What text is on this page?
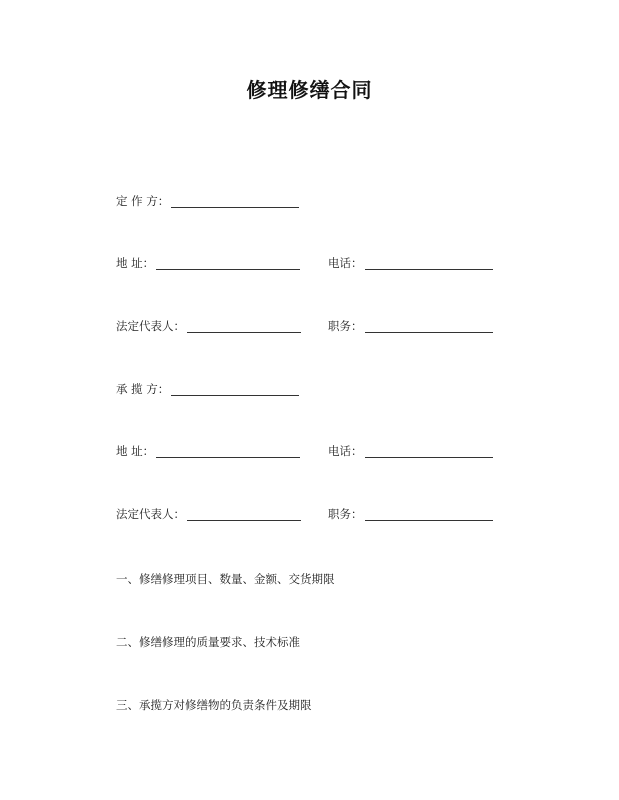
修理修缮合同
定 作 方：
地 址：	电话：
法定代表人：	职务：
承 揽 方：
地 址：	电话：
法定代表人：	职务：
一、修缮修理项目、数量、金额、交货期限
二、修缮修理的质量要求、技术标准
三、承揽方对修缮物的负责条件及期限
